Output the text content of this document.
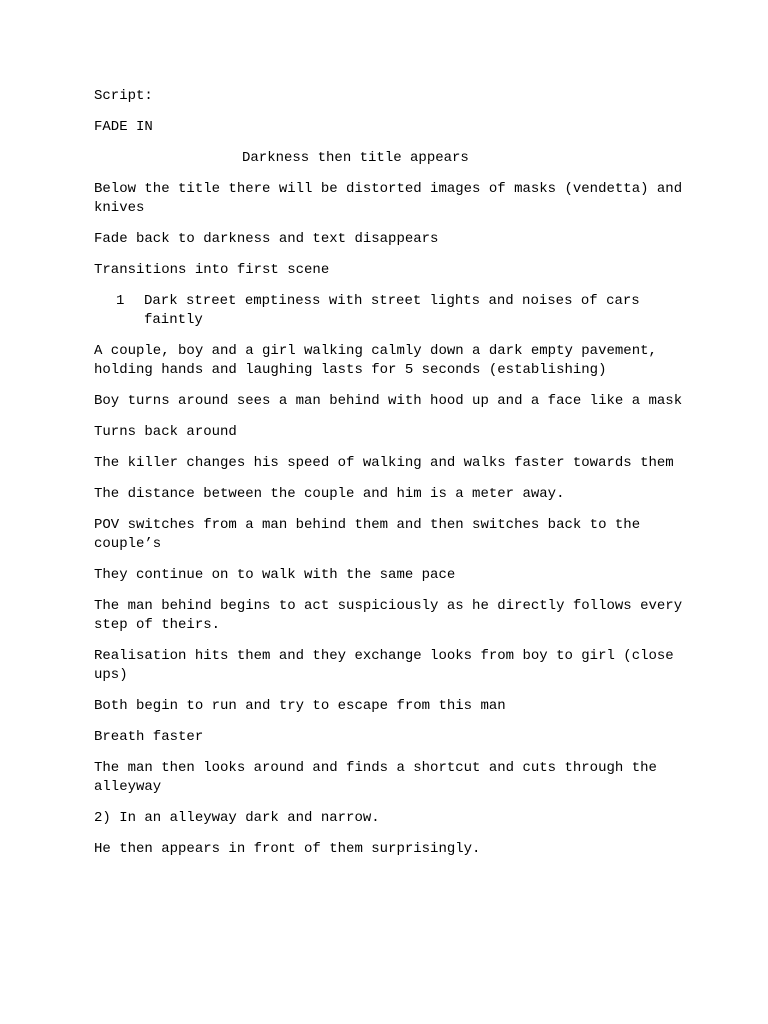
Script:

FADE IN

Darkness then title appears

Below the title there will be distorted images of masks (vendetta) and knives

Fade back to darkness and text disappears

Transitions into first scene

1 Dark street emptiness with street lights and noises of cars faintly

A couple, boy and a girl walking calmly down a dark empty pavement, holding hands and laughing lasts for 5 seconds (establishing)

Boy turns around sees a man behind with hood up and a face like a mask

Turns back around

The killer changes his speed of walking and walks faster towards them

The distance between the couple and him is a meter away.

POV switches from a man behind them and then switches back to the couple’s

They continue on to walk with the same pace

The man behind begins to act suspiciously as he directly follows every step of theirs.

Realisation hits them and they exchange looks from boy to girl (close ups)

Both begin to run and try to escape from this man

Breath faster

The man then looks around and finds a shortcut and cuts through the alleyway

2) In an alleyway dark and narrow.

He then appears in front of them surprisingly.
